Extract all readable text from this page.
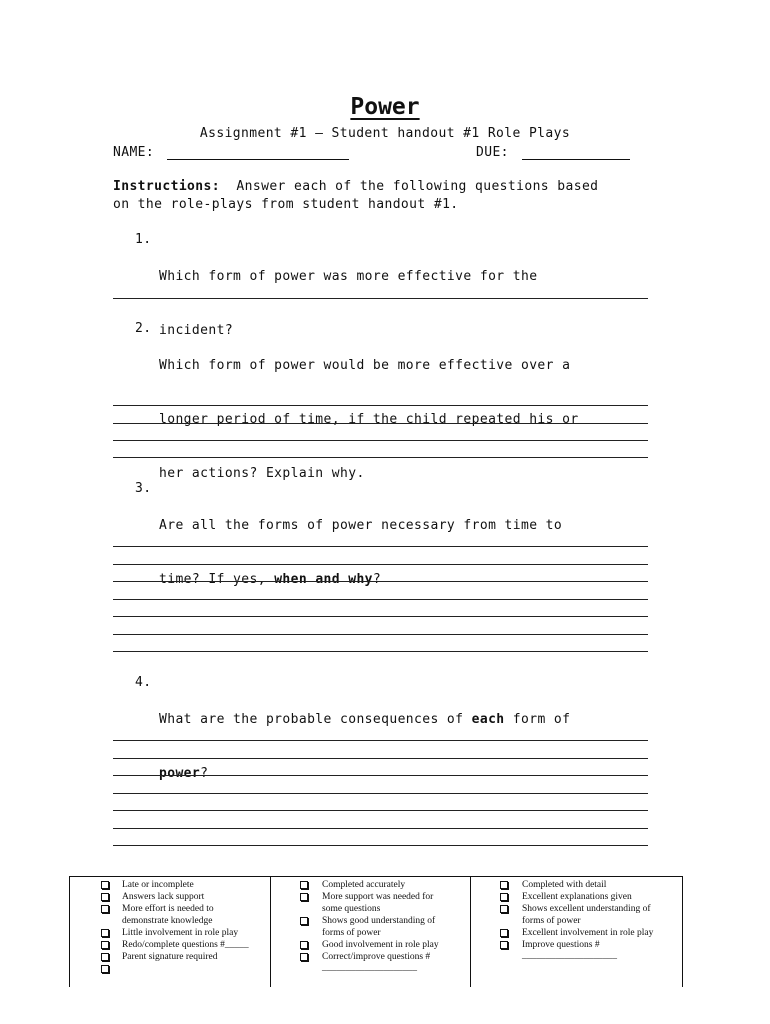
Power
Assignment #1 – Student handout #1 Role Plays
NAME:	DUE:
Instructions: Answer each of the following questions based
on the role-plays from student handout #1.
1.

Which form of power was more effective for the

incident?

2.

Which form of power would be more effective over a

longer period of time, if the child repeated his or

her actions? Explain why.

3.

Are all the forms of power necessary from time to

time? If yes, when and why?

4.

What are the probable consequences of each form of

power?

Late or incomplete
Answers lack support
More effort is needed to
demonstrate knowledge
Little involvement in role play
Redo/complete questions #_____
Parent signature required
Completed accurately
More support was needed for
some questions
Shows good understanding of
forms of power
Good involvement in role play
Correct/improve questions #
____________________
Completed with detail
Excellent explanations given
Shows excellent understanding of
forms of power
Excellent involvement in role play
Improve questions #
____________________
